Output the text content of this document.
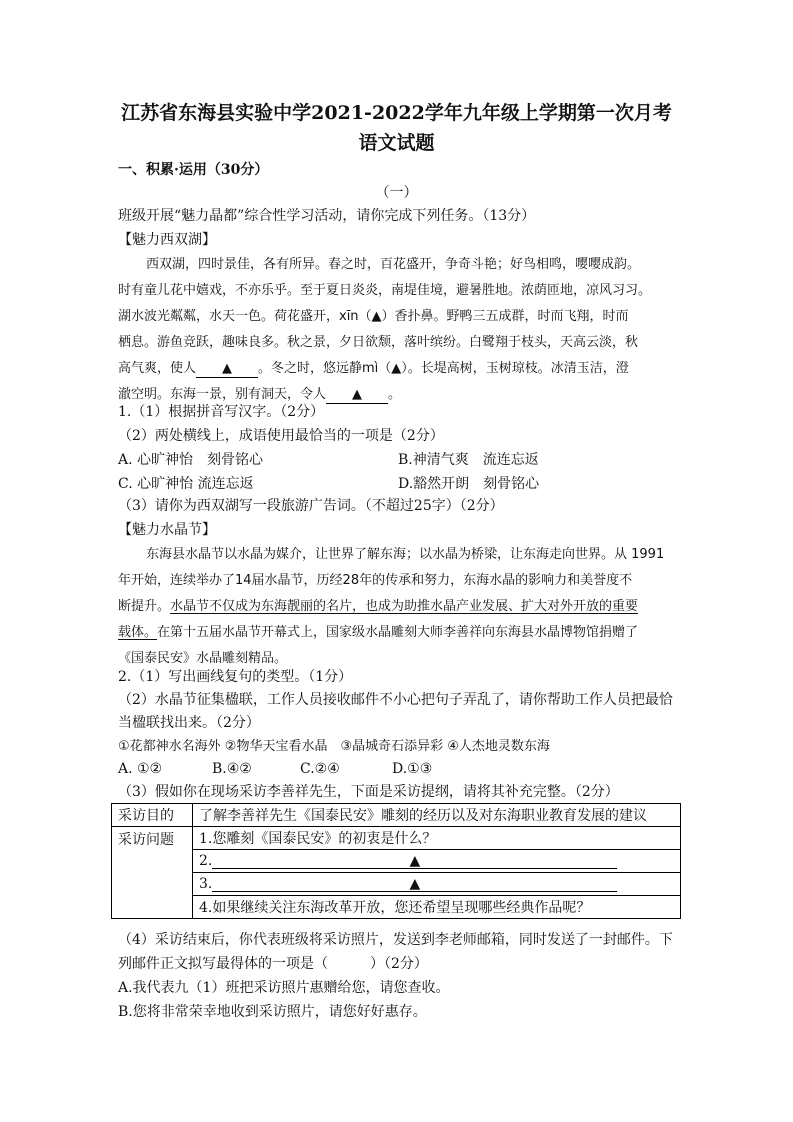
江苏省东海县实验中学2021-2022学年九年级上学期第一次月考
语文试题
一、积累·运用（30分）
（一）
班级开展“魅力晶都”综合性学习活动，请你完成下列任务。（13分）
【魅力西双湖】

西双湖，四时景佳，各有所异。春之时，百花盛开，争奇斗艳；好鸟相鸣，嘤嘤成韵。

时有童儿花中嬉戏，不亦乐乎。至于夏日炎炎，南堤佳境，避暑胜地。浓荫匝地，凉风习习。

湖水波光粼粼，水天一色。荷花盛开，xīn（▲）香扑鼻。野鸭三五成群，时而飞翔，时而

栖息。游鱼竞跃，趣味良多。秋之景，夕日欲颓，落叶缤纷。白鹭翔于枝头，天高云淡，秋

高气爽，使人 ▲ 。冬之时，悠远静mì（▲）。长堤高树，玉树琼枝。冰清玉洁，澄

澈空明。东海一景，别有洞天，令人 ▲ 。

1.（1）根据拼音写汉字。（2分）
（2）两处横线上，成语使用最恰当的一项是（2分）
A. 心旷神怡　刻骨铭心	B.神清气爽　流连忘返
C. 心旷神怡 流连忘返	D.豁然开朗　刻骨铭心
（3）请你为西双湖写一段旅游广告词。（不超过25字）（2分）
【魅力水晶节】

东海县水晶节以水晶为媒介，让世界了解东海；以水晶为桥梁，让东海走向世界。从 1991

年开始，连续举办了14届水晶节，历经28年的传承和努力，东海水晶的影响力和美誉度不

断提升。水晶节不仅成为东海靓丽的名片，也成为助推水晶产业发展、扩大对外开放的重要

载体。在第十五届水晶节开幕式上，国家级水晶雕刻大师李善祥向东海县水晶博物馆捐赠了

《国泰民安》水晶雕刻精品。

2.（1）写出画线复句的类型。（1分）
（2）水晶节征集楹联，工作人员接收邮件不小心把句子弄乱了，请你帮助工作人员把最恰
当楹联找出来。（2分）
①花都神水名海外 ②物华天宝看水晶　③晶城奇石添异彩 ④人杰地灵数东海
A. ①②	B.④②	C.②④	D.①③
（3）假如你在现场采访李善祥先生，下面是采访提纲，请将其补充完整。（2分）
采访目的	了解李善祥先生《国泰民安》雕刻的经历以及对东海职业教育发展的建议
采访问题	1.您雕刻《国泰民安》的初衷是什么？
	2. ▲
	3. ▲
	4.如果继续关注东海改革开放，您还希望呈现哪些经典作品呢？
（4）采访结束后，你代表班级将采访照片，发送到李老师邮箱，同时发送了一封邮件。下
列邮件正文拟写最得体的一项是（　　　）（2分）
A.我代表九（1）班把采访照片惠赠给您，请您查收。
B.您将非常荣幸地收到采访照片，请您好好惠存。
